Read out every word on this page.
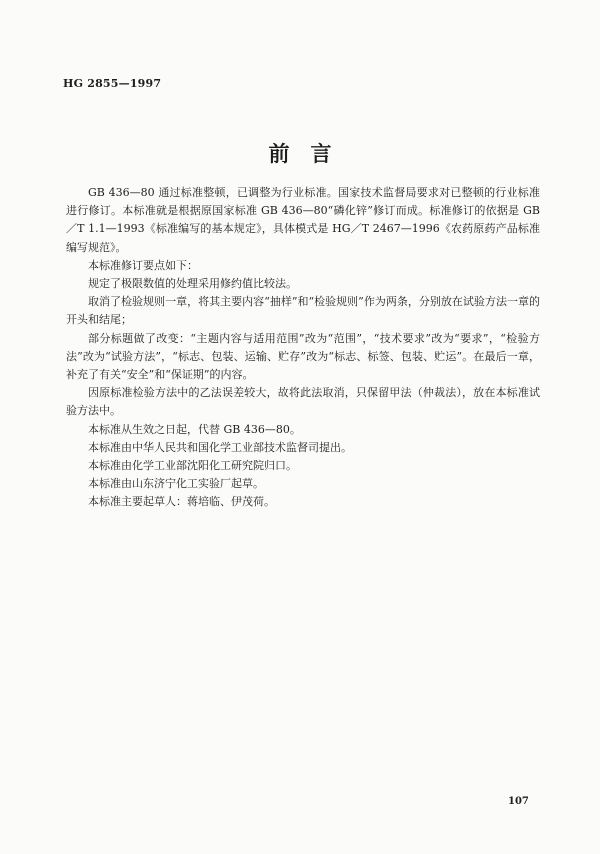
HG 2855—1997
前　言

GB 436—80 通过标准整顿，已调整为行业标准。国家技术监督局要求对已整顿的行业标准进行修订。本标准就是根据原国家标准 GB 436—80“磷化锌”修订而成。标准修订的依据是 GB／T 1.1—1993《标准编写的基本规定》，具体模式是 HG／T 2467—1996《农药原药产品标准编写规范》。

本标准修订要点如下：

规定了极限数值的处理采用修约值比较法。

取消了检验规则一章，将其主要内容“抽样”和“检验规则”作为两条，分别放在试验方法一章的开头和结尾；

部分标题做了改变：“主题内容与适用范围”改为“范围”，“技术要求”改为“要求”，“检验方法”改为“试验方法”，“标志、包装、运输、贮存”改为“标志、标签、包装、贮运”。在最后一章，补充了有关“安全”和“保证期”的内容。

因原标准检验方法中的乙法误差较大，故将此法取消，只保留甲法（仲裁法），放在本标准试验方法中。

本标准从生效之日起，代替 GB 436—80。

本标准由中华人民共和国化学工业部技术监督司提出。

本标准由化学工业部沈阳化工研究院归口。

本标准由山东济宁化工实验厂起草。

本标准主要起草人：蒋培临、伊茂荷。

107
